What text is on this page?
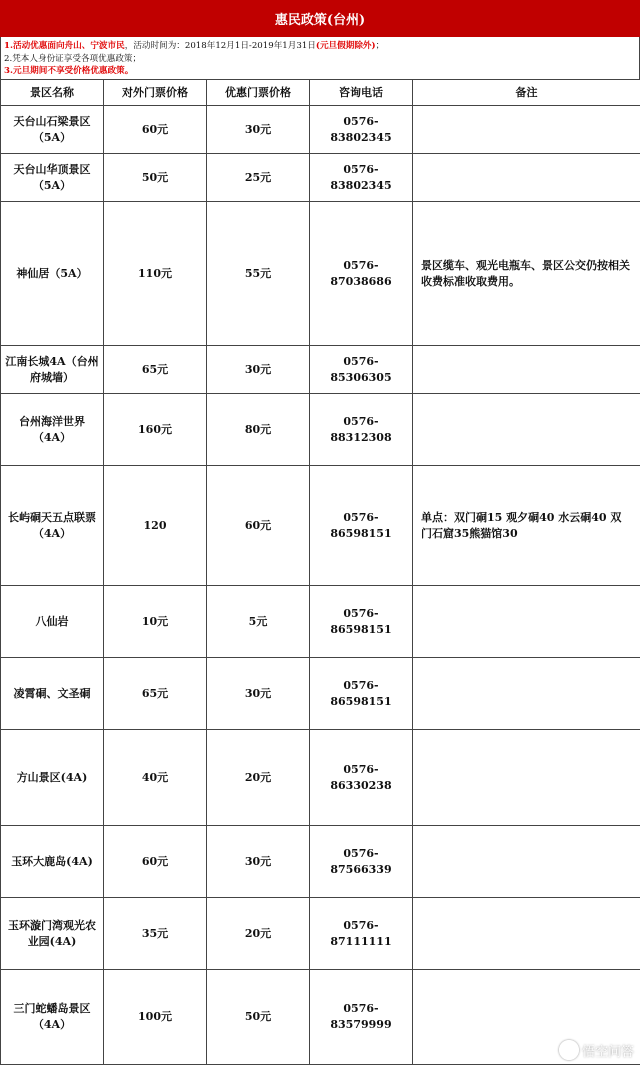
惠民政策(台州)
1.活动优惠面向舟山、宁波市民，活动时间为：2018年12月1日-2019年1月31日(元旦假期除外)；
2.凭本人身份证享受各项优惠政策；
3.元旦期间不享受价格优惠政策。
景区名称	对外门票价格	优惠门票价格	咨询电话	备注
天台山石梁景区（5A）	60元	30元	0576-83802345	
天台山华顶景区（5A）	50元	25元	0576-83802345	
神仙居（5A）	110元	55元	0576-87038686	景区缆车、观光电瓶车、景区公交仍按相关收费标准收取费用。
江南长城4A（台州府城墙）	65元	30元	0576-85306305	
台州海洋世界（4A）	160元	80元	0576-88312308	
长屿硐天五点联票（4A）	120	60元	0576-86598151	单点：双门硐15 观夕硐40 水云硐40 双门石窟35熊猫馆30
八仙岩	10元	5元	0576-86598151	
凌霄硐、文圣硐	65元	30元	0576-86598151	
方山景区(4A)	40元	20元	0576-86330238	
玉环大鹿岛(4A)	60元	30元	0576-87566339	
玉环漩门湾观光农业园(4A)	35元	20元	0576-87111111	
三门蛇蟠岛景区（4A）	100元	50元	0576-83579999	
悟空问答
